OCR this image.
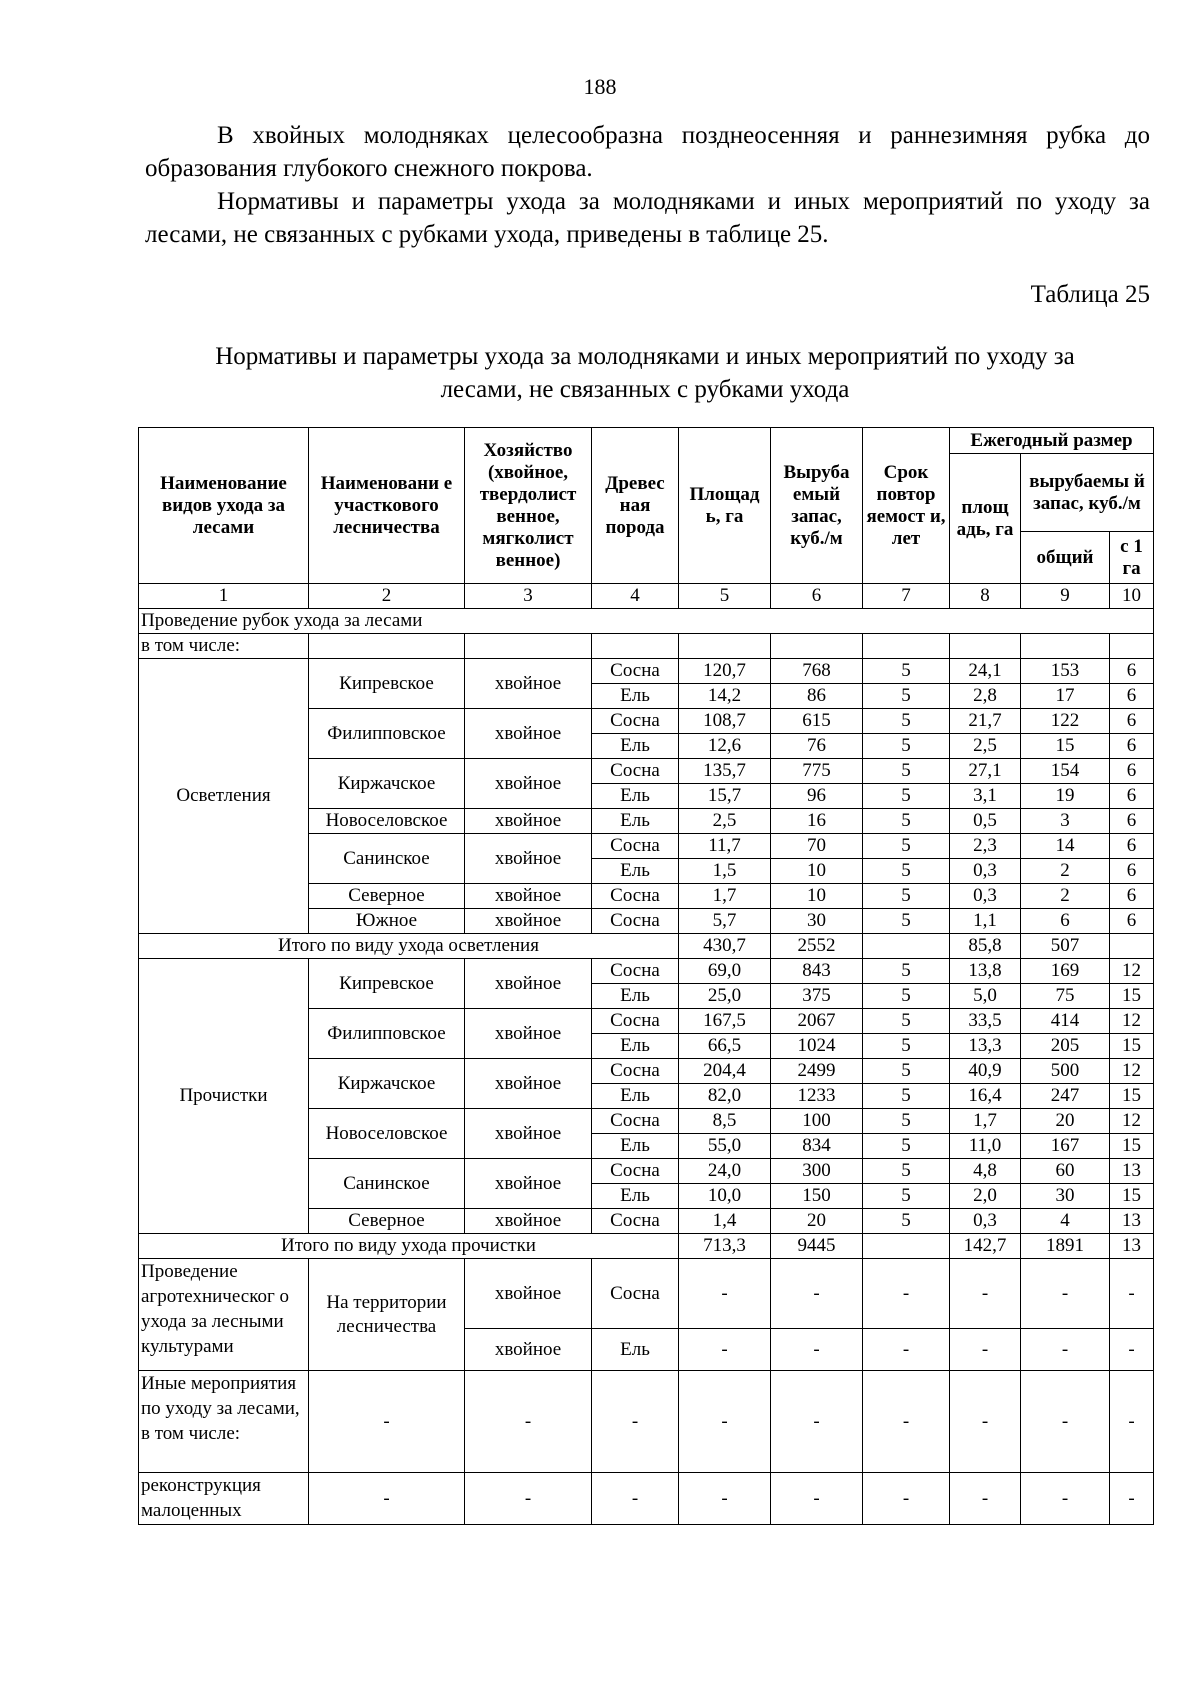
188
В хвойных молодняках целесообразна позднеосенняя и раннезимняя рубка до образования глубокого снежного покрова.
Нормативы и параметры ухода за молодняками и иных мероприятий по уходу за лесами, не связанных с рубками ухода, приведены в таблице 25.
Таблица 25
Нормативы и параметры ухода за молодняками и иных мероприятий по уходу за
лесами, не связанных с рубками ухода
Наименование видов ухода за лесами	Наименовани е участкового лесничества	Хозяйство (хвойное, твердолист венное, мягколист венное)	Древес ная порода	Площад ь, га	Выруба емый запас, куб./м	Срок повтор яемост и, лет	Ежегодный размер		
							площ адь, га	вырубаемы й запас, куб./м	
								общий	с 1 га
1	2	3	4	5	6	7	8	9	10
Проведение рубок ухода за лесами									
в том числе:									
Осветления	Кипревское	хвойное	Сосна	120,7	768	5	24,1	153	6
			Ель	14,2	86	5	2,8	17	6
	Филипповское	хвойное	Сосна	108,7	615	5	21,7	122	6
			Ель	12,6	76	5	2,5	15	6
	Киржачское	хвойное	Сосна	135,7	775	5	27,1	154	6
			Ель	15,7	96	5	3,1	19	6
	Новоселовское	хвойное	Ель	2,5	16	5	0,5	3	6
	Санинское	хвойное	Сосна	11,7	70	5	2,3	14	6
			Ель	1,5	10	5	0,3	2	6
	Северное	хвойное	Сосна	1,7	10	5	0,3	2	6
	Южное	хвойное	Сосна	5,7	30	5	1,1	6	6
Итого по виду ухода осветления				430,7	2552		85,8	507	
Прочистки	Кипревское	хвойное	Сосна	69,0	843	5	13,8	169	12
			Ель	25,0	375	5	5,0	75	15
	Филипповское	хвойное	Сосна	167,5	2067	5	33,5	414	12
			Ель	66,5	1024	5	13,3	205	15
	Киржачское	хвойное	Сосна	204,4	2499	5	40,9	500	12
			Ель	82,0	1233	5	16,4	247	15
	Новоселовское	хвойное	Сосна	8,5	100	5	1,7	20	12
			Ель	55,0	834	5	11,0	167	15
	Санинское	хвойное	Сосна	24,0	300	5	4,8	60	13
			Ель	10,0	150	5	2,0	30	15
	Северное	хвойное	Сосна	1,4	20	5	0,3	4	13
Итого по виду ухода прочистки				713,3	9445		142,7	1891	13
Проведение агротехническог о ухода за лесными культурами	На территории лесничества	хвойное	Сосна	-	-	-	-	-	-
		хвойное	Ель	-	-	-	-	-	-
Иные мероприятия по уходу за лесами, в том числе:	-	-	-	-	-	-	-	-	-
реконструкция малоценных	-	-	-	-	-	-	-	-	-
